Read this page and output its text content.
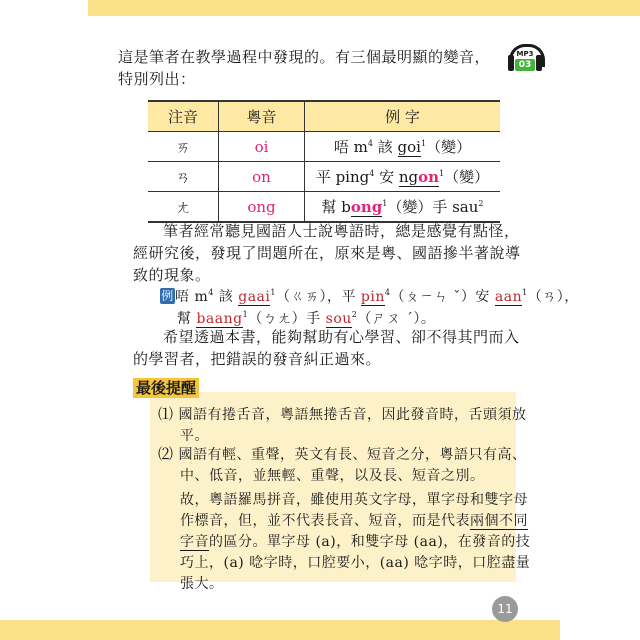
這是筆者在教學過程中發現的。有三個最明顯的變音，
特別列出：
MP3
03
注音	粵音	例 字
ㄞ	oi	唔 $m^4$ 該 goi$^1$（變）
ㄢ	on	平 ping$^4$ 安 ngon$^1$（變）
ㄤ	ong	幫 bong$^1$（變）手 sau$^2$
筆者經常聽見國語人士說粵語時，總是感覺有點怪，
經研究後，發現了問題所在，原來是粵、國語摻半著說導
致的現象。
例唔 $m^4$ 該 gaai$^1$（ㄍㄞ），平 pin$^4$（ㄆㄧㄣ ˇ）安 aan$^1$（ㄢ），
幫 baang$^1$（ㄅㄤ）手 sou$^2$（ㄕㄡ ˊ）。
希望透過本書，能夠幫助有心學習、卻不得其門而入
的學習者，把錯誤的發音糾正過來。
最後提醒
⑴ 國語有捲舌音，粵語無捲舌音，因此發音時，舌頭須放
平。
⑵ 國語有輕、重聲，英文有長、短音之分，粵語只有高、
中、低音，並無輕、重聲，以及長、短音之別。
故，粵語羅馬拼音，雖使用英文字母，單字母和雙字母
作標音，但，並不代表長音、短音，而是代表兩個不同
字音的區分。單字母 (a)，和雙字母 (aa)，在發音的技
巧上，(a) 唸字時，口腔要小，(aa) 唸字時，口腔盡量
張大。
11
